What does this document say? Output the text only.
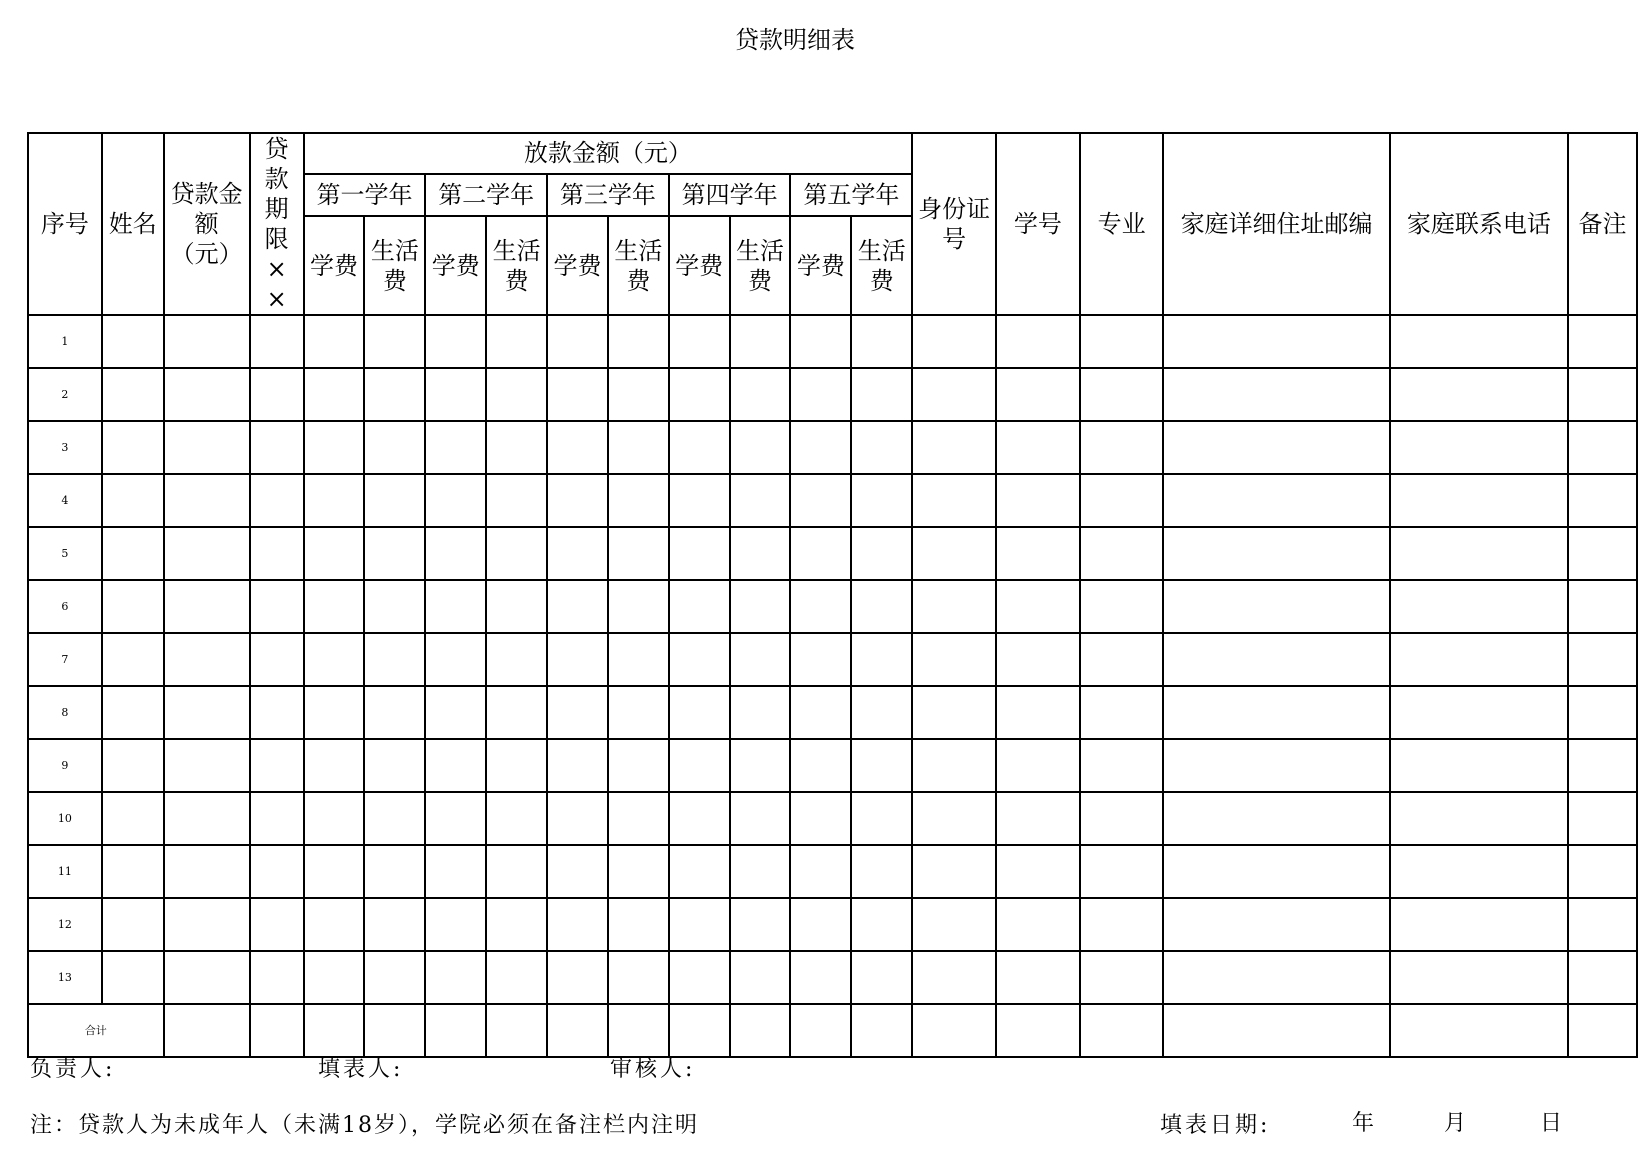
贷款明细表
序号	姓名	贷款金额（元）	贷款期限××	放款金额（元）										身份证号	学号	专业	家庭详细住址邮编	家庭联系电话	备注
				第一学年		第二学年		第三学年		第四学年		第五学年							
				学费	生活费	学费	生活费	学费	生活费	学费	生活费	学费	生活费						
1																			
2																			
3																			
4																			
5																			
6																			
7																			
8																			
9																			
10																			
11																			
12																			
13																			
合计																			
负责人:	填表人:	审核人:
注：贷款人为未成年人（未满18岁），学院必须在备注栏内注明	填表日期:	年	月	日
